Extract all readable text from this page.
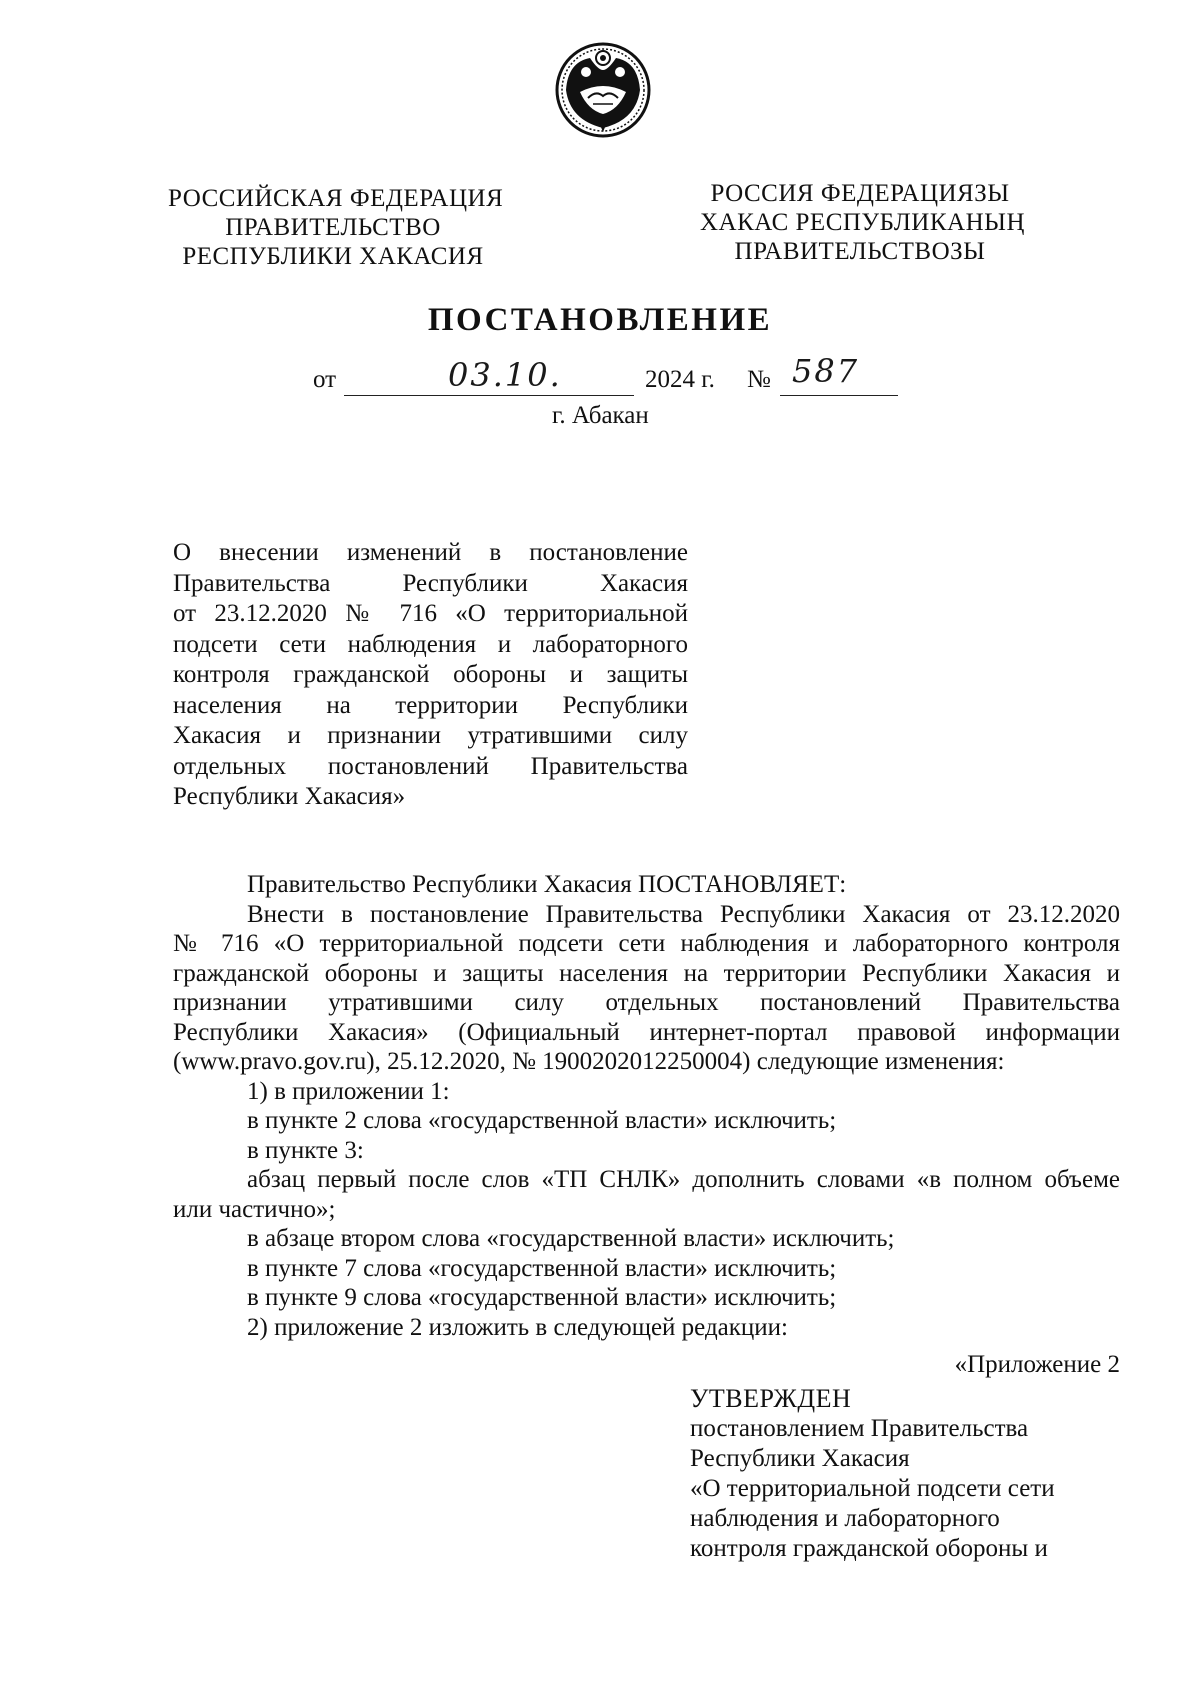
РОССИЙСКАЯ ФЕДЕРАЦИЯ
ПРАВИТЕЛЬСТВО
РЕСПУБЛИКИ ХАКАСИЯ
РОССИЯ ФЕДЕРАЦИЯЗЫ
ХАКАС РЕСПУБЛИКАНЫҢ
ПРАВИТЕЛЬСТВОЗЫ
ПОСТАНОВЛЕНИЕ
от	03.10.	2024 г. № 587
г. Абакан
О внесении изменений в постановление
Правительства Республики Хакасия
от 23.12.2020 № 716 «О территориальной
подсети сети наблюдения и лабораторного
контроля гражданской обороны и защиты
населения на территории Республики
Хакасия и признании утратившими силу
отдельных постановлений Правительства
Республики Хакасия»
Правительство Республики Хакасия ПОСТАНОВЛЯЕТ:
Внести в постановление Правительства Республики Хакасия от 23.12.2020
№ 716 «О территориальной подсети сети наблюдения и лабораторного контроля
гражданской обороны и защиты населения на территории Республики Хакасия и
признании утратившими силу отдельных постановлений Правительства
Республики Хакасия» (Официальный интернет-портал правовой информации
(www.pravo.gov.ru), 25.12.2020, № 1900202012250004) следующие изменения:
1) в приложении 1:
в пункте 2 слова «государственной власти» исключить;
в пункте 3:
абзац первый после слов «ТП СНЛК» дополнить словами «в полном объеме
или частично»;
в абзаце втором слова «государственной власти» исключить;
в пункте 7 слова «государственной власти» исключить;
в пункте 9 слова «государственной власти» исключить;
2) приложение 2 изложить в следующей редакции:
«Приложение 2
УТВЕРЖДЕН
постановлением Правительства
Республики Хакасия
«О территориальной подсети сети
наблюдения и лабораторного
контроля гражданской обороны и
